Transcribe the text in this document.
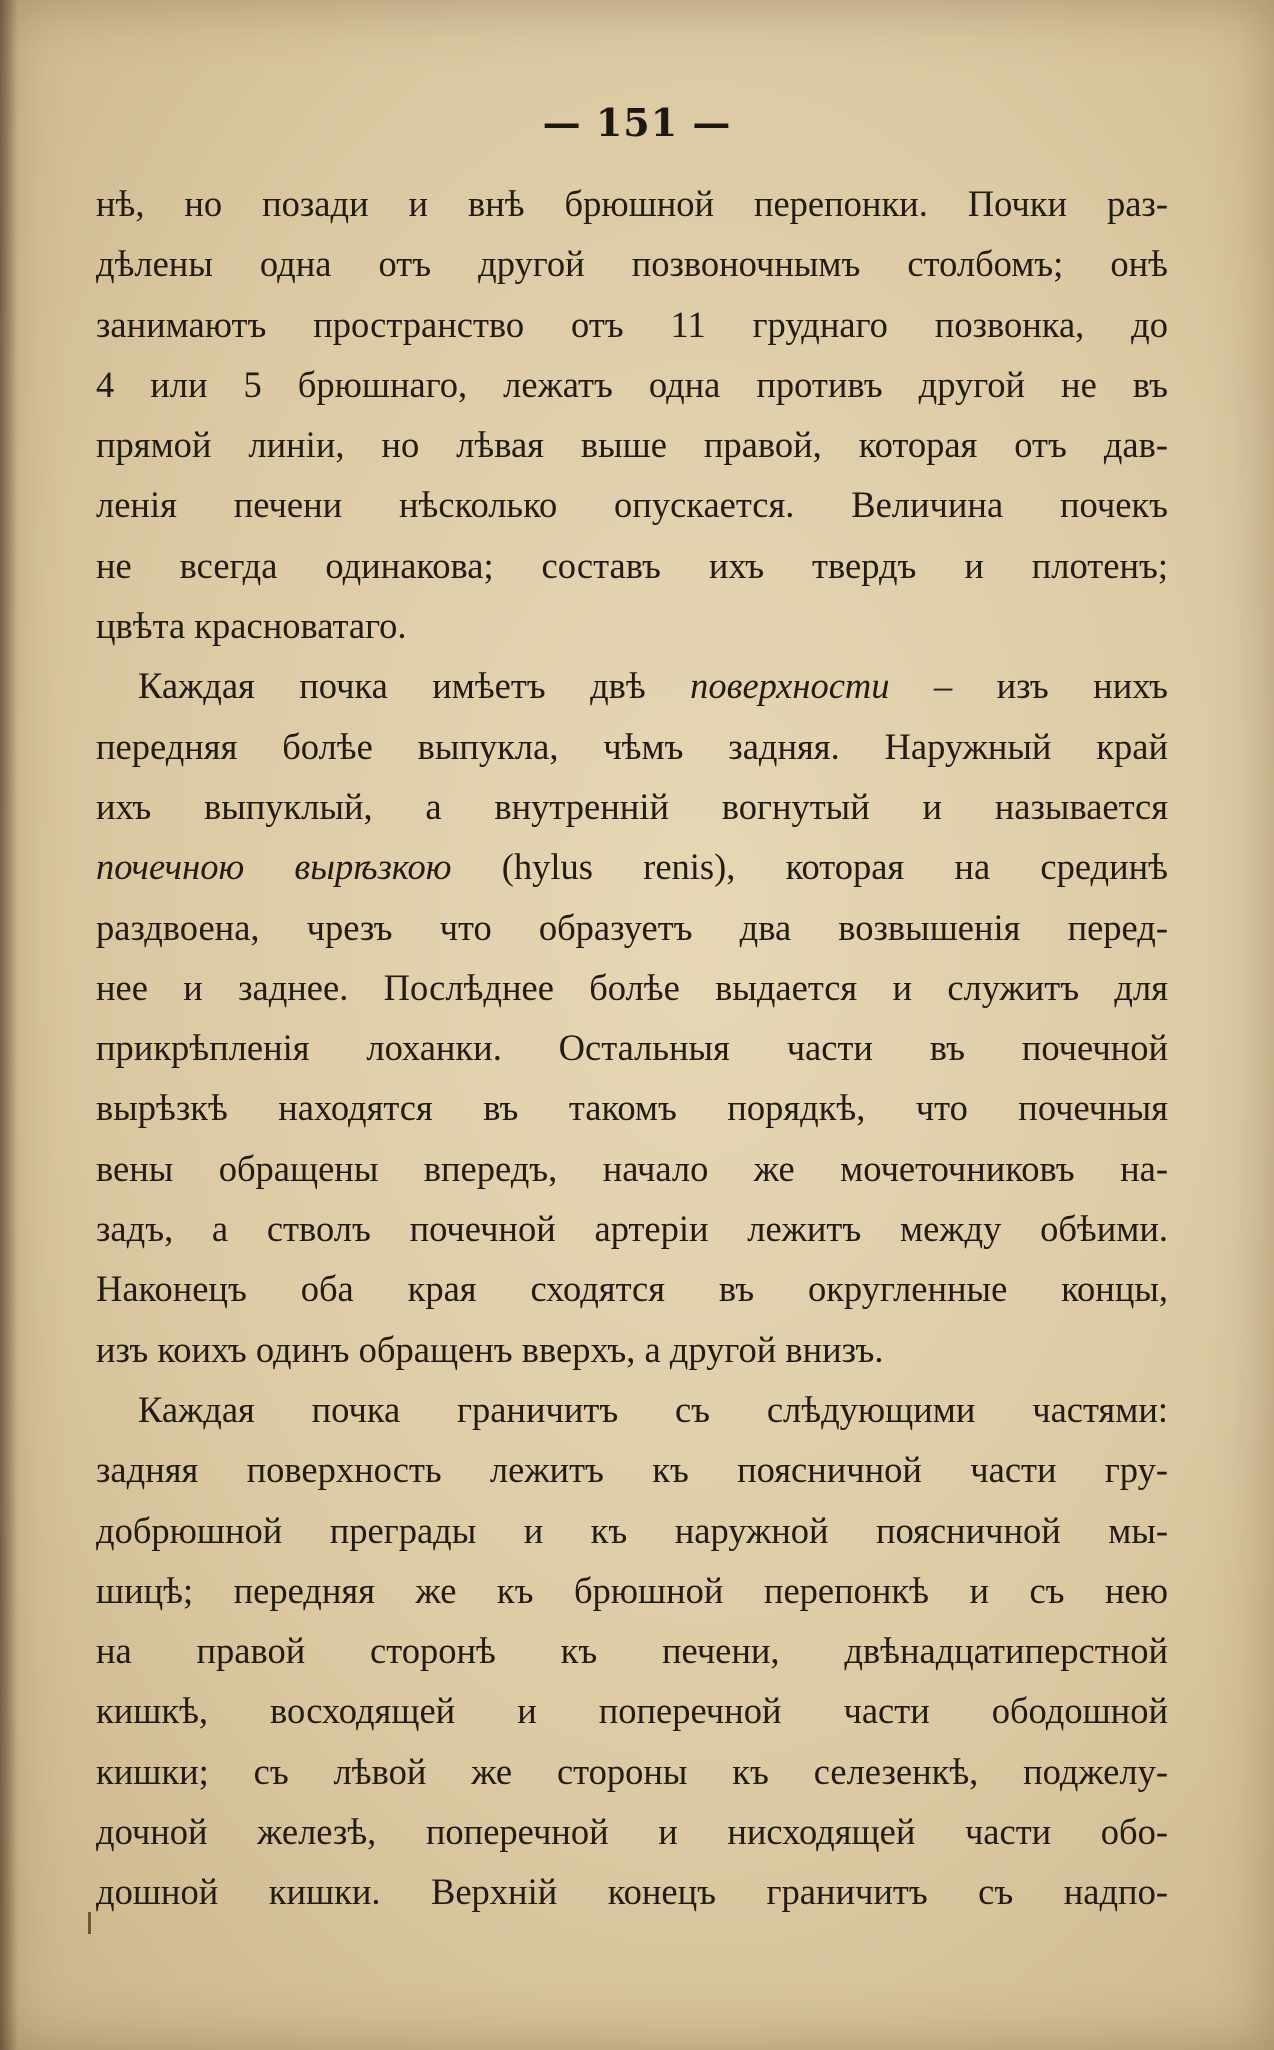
— 151 —
нѣ, но позади и внѣ брюшной перепонки. Почки раз-
дѣлены одна отъ другой позвоночнымъ столбомъ; онѣ
занимаютъ пространство отъ 11 груднаго позвонка, до
4 или 5 брюшнаго, лежатъ одна противъ другой не въ
прямой линіи, но лѣвая выше правой, которая отъ дав-
ленія печени нѣсколько опускается. Величина почекъ
не всегда одинакова; составъ ихъ твердъ и плотенъ;
цвѣта красноватаго.
Каждая почка имѣетъ двѣ поверхности – изъ нихъ
передняя болѣе выпукла, чѣмъ задняя. Наружный край
ихъ выпуклый, а внутренній вогнутый и называется
почечною вырѣзкою (hylus renis), которая на срединѣ
раздвоена, чрезъ что образуетъ два возвышенія перед-
нее и заднее. Послѣднее болѣе выдается и служитъ для
прикрѣпленія лоханки. Остальныя части въ почечной
вырѣзкѣ находятся въ такомъ порядкѣ, что почечныя
вены обращены впередъ, начало же мочеточниковъ на-
задъ, а стволъ почечной артеріи лежитъ между обѣими.
Наконецъ оба края сходятся въ округленные концы,
изъ коихъ одинъ обращенъ вверхъ, а другой внизъ.
Каждая почка граничитъ съ слѣдующими частями:
задняя поверхность лежитъ къ поясничной части гру-
добрюшной преграды и къ наружной поясничной мы-
шицѣ; передняя же къ брюшной перепонкѣ и съ нею
на правой сторонѣ къ печени, двѣнадцатиперстной
кишкѣ, восходящей и поперечной части ободошной
кишки; съ лѣвой же стороны къ селезенкѣ, поджелу-
дочной железѣ, поперечной и нисходящей части обо-
дошной кишки. Верхній конецъ граничитъ съ надпо-
